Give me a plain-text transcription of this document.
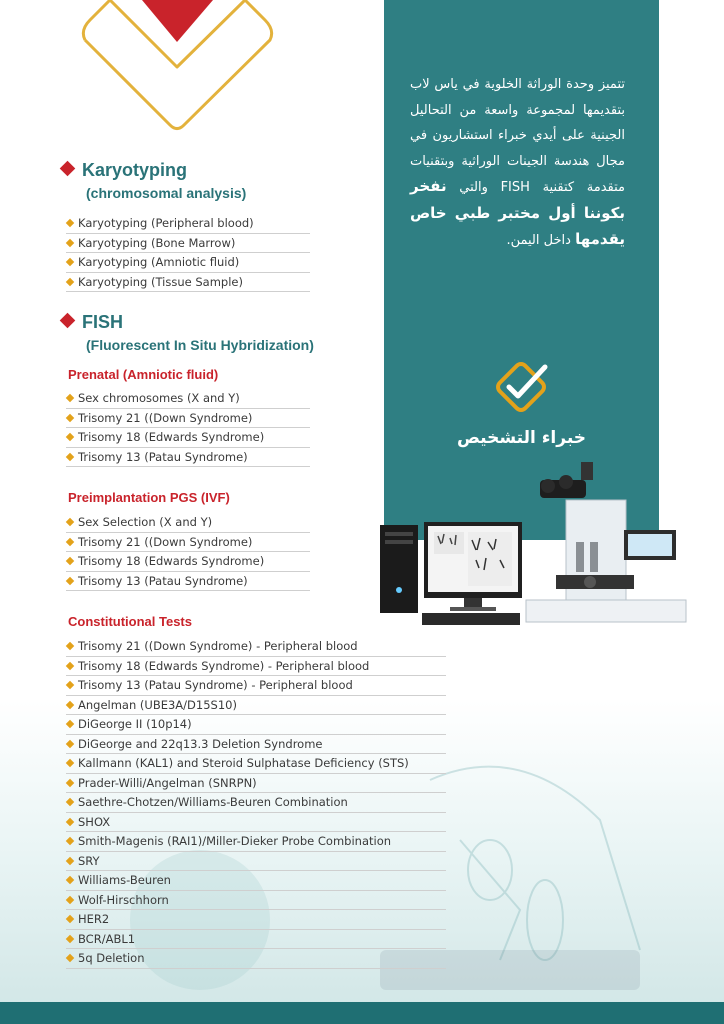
تتميز وحدة الوراثة الخلوية في ياس لاب بتقديمها لمجموعة واسعة من التحاليل الجينية على أيدي خبراء استشاريون في مجال هندسة الجينات الوراثية وبتقنيات متقدمة كتقنية FISH والتي نفخر بكوننا أول مختبر طبي خاص يقدمها داخل اليمن.
خبراء التشخيص
Karyotyping
(chromosomal analysis)
Karyotyping (Peripheral blood)
Karyotyping (Bone Marrow)
Karyotyping (Amniotic fluid)
Karyotyping (Tissue Sample)
FISH
(Fluorescent In Situ Hybridization)
Prenatal (Amniotic fluid)
Sex chromosomes (X and Y)
Trisomy 21 ((Down Syndrome)
Trisomy 18 (Edwards Syndrome)
Trisomy 13 (Patau Syndrome)
Preimplantation PGS (IVF)
Sex Selection (X and Y)
Trisomy 21 ((Down Syndrome)
Trisomy 18 (Edwards Syndrome)
Trisomy 13 (Patau Syndrome)
Constitutional Tests
Trisomy 21 ((Down Syndrome) - Peripheral blood
Trisomy 18 (Edwards Syndrome) - Peripheral blood
Trisomy 13 (Patau Syndrome) - Peripheral blood
Angelman (UBE3A/D15S10)
DiGeorge II (10p14)
DiGeorge and 22q13.3 Deletion Syndrome
Kallmann (KAL1) and Steroid Sulphatase Deficiency (STS)
Prader-Willi/Angelman (SNRPN)
Saethre-Chotzen/Williams-Beuren Combination
SHOX
Smith-Magenis (RAI1)/Miller-Dieker Probe Combination
SRY
Williams-Beuren
Wolf-Hirschhorn
HER2
BCR/ABL1
5q Deletion
